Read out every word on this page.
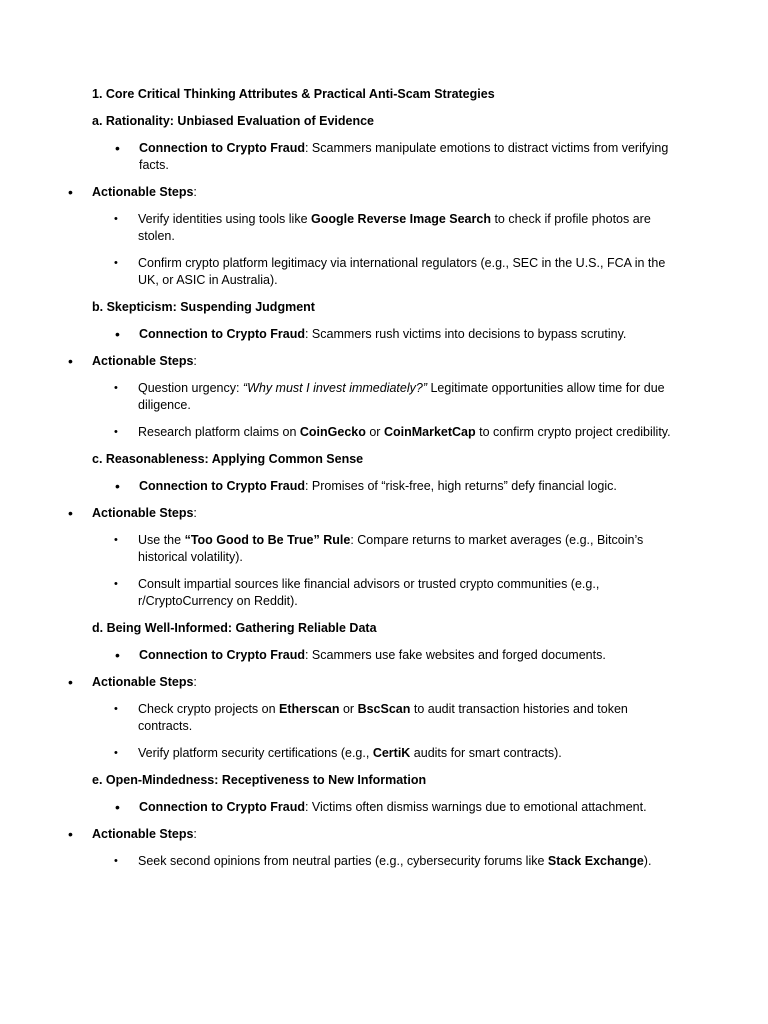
1. Core Critical Thinking Attributes & Practical Anti-Scam Strategies
a. Rationality: Unbiased Evaluation of Evidence
• Connection to Crypto Fraud: Scammers manipulate emotions to distract victims from verifying facts.
• Actionable Steps:
• Verify identities using tools like Google Reverse Image Search to check if profile photos are stolen.
• Confirm crypto platform legitimacy via international regulators (e.g., SEC in the U.S., FCA in the UK, or ASIC in Australia).
b. Skepticism: Suspending Judgment
• Connection to Crypto Fraud: Scammers rush victims into decisions to bypass scrutiny.
• Actionable Steps:
• Question urgency: “Why must I invest immediately?” Legitimate opportunities allow time for due diligence.
• Research platform claims on CoinGecko or CoinMarketCap to confirm crypto project credibility.
c. Reasonableness: Applying Common Sense
• Connection to Crypto Fraud: Promises of “risk-free, high returns” defy financial logic.
• Actionable Steps:
• Use the “Too Good to Be True” Rule: Compare returns to market averages (e.g., Bitcoin’s historical volatility).
• Consult impartial sources like financial advisors or trusted crypto communities (e.g., r/CryptoCurrency on Reddit).
d. Being Well-Informed: Gathering Reliable Data
• Connection to Crypto Fraud: Scammers use fake websites and forged documents.
• Actionable Steps:
• Check crypto projects on Etherscan or BscScan to audit transaction histories and token contracts.
• Verify platform security certifications (e.g., CertiK audits for smart contracts).
e. Open-Mindedness: Receptiveness to New Information
• Connection to Crypto Fraud: Victims often dismiss warnings due to emotional attachment.
• Actionable Steps:
• Seek second opinions from neutral parties (e.g., cybersecurity forums like Stack Exchange).
